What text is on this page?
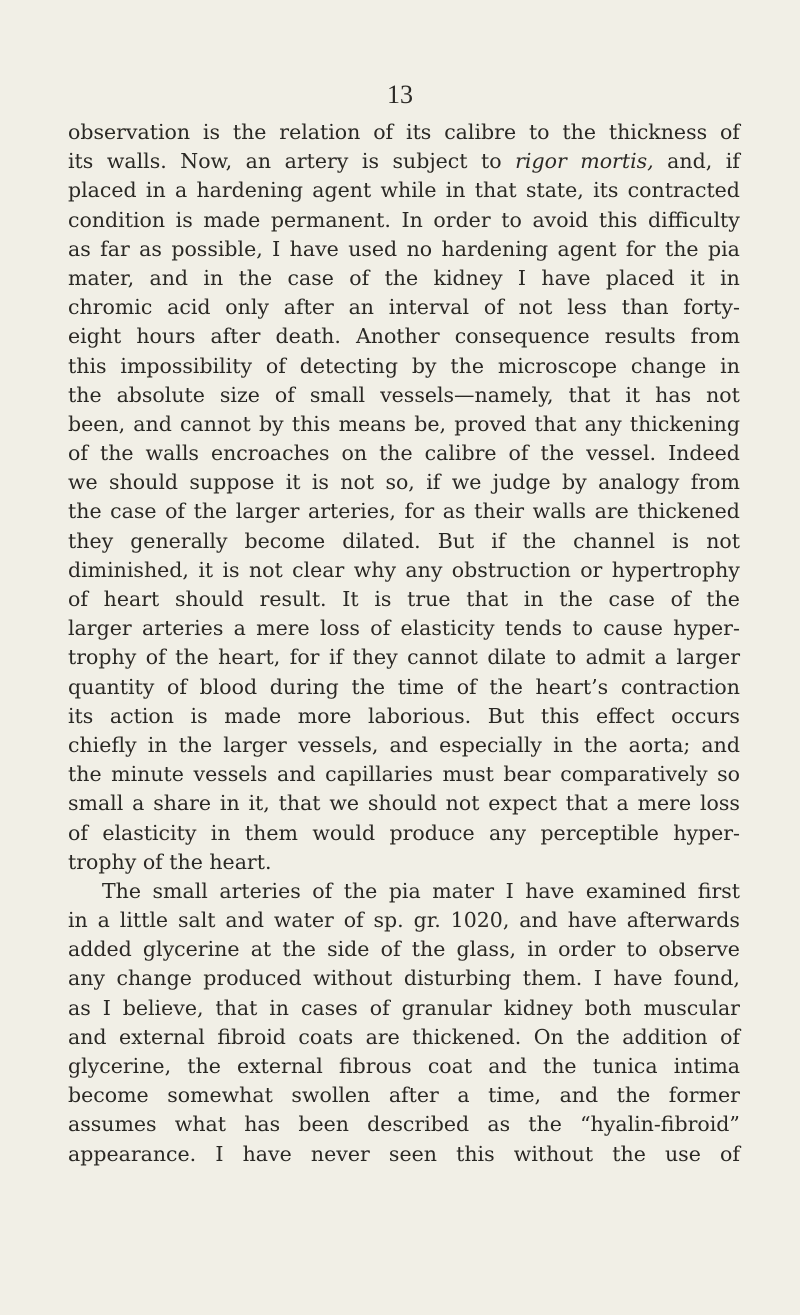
13
observation is the relation of its calibre to the thickness of
its walls. Now, an artery is subject to rigor mortis, and, if
placed in a hardening agent while in that state, its contracted
condition is made permanent. In order to avoid this difficulty
as far as possible, I have used no hardening agent for the pia
mater, and in the case of the kidney I have placed it in
chromic acid only after an interval of not less than forty-
eight hours after death. Another consequence results from
this impossibility of detecting by the microscope change in
the absolute size of small vessels—namely, that it has not
been, and cannot by this means be, proved that any thickening
of the walls encroaches on the calibre of the vessel. Indeed
we should suppose it is not so, if we judge by analogy from
the case of the larger arteries, for as their walls are thickened
they generally become dilated. But if the channel is not
diminished, it is not clear why any obstruction or hypertrophy
of heart should result. It is true that in the case of the
larger arteries a mere loss of elasticity tends to cause hyper-
trophy of the heart, for if they cannot dilate to admit a larger
quantity of blood during the time of the heart’s contraction
its action is made more laborious. But this effect occurs
chiefly in the larger vessels, and especially in the aorta; and
the minute vessels and capillaries must bear comparatively so
small a share in it, that we should not expect that a mere loss
of elasticity in them would produce any perceptible hyper-
trophy of the heart.
The small arteries of the pia mater I have examined first
in a little salt and water of sp. gr. 1020, and have afterwards
added glycerine at the side of the glass, in order to observe
any change produced without disturbing them. I have found,
as I believe, that in cases of granular kidney both muscular
and external fibroid coats are thickened. On the addition of
glycerine, the external fibrous coat and the tunica intima
become somewhat swollen after a time, and the former
assumes what has been described as the “hyalin-fibroid”
appearance. I have never seen this without the use of
